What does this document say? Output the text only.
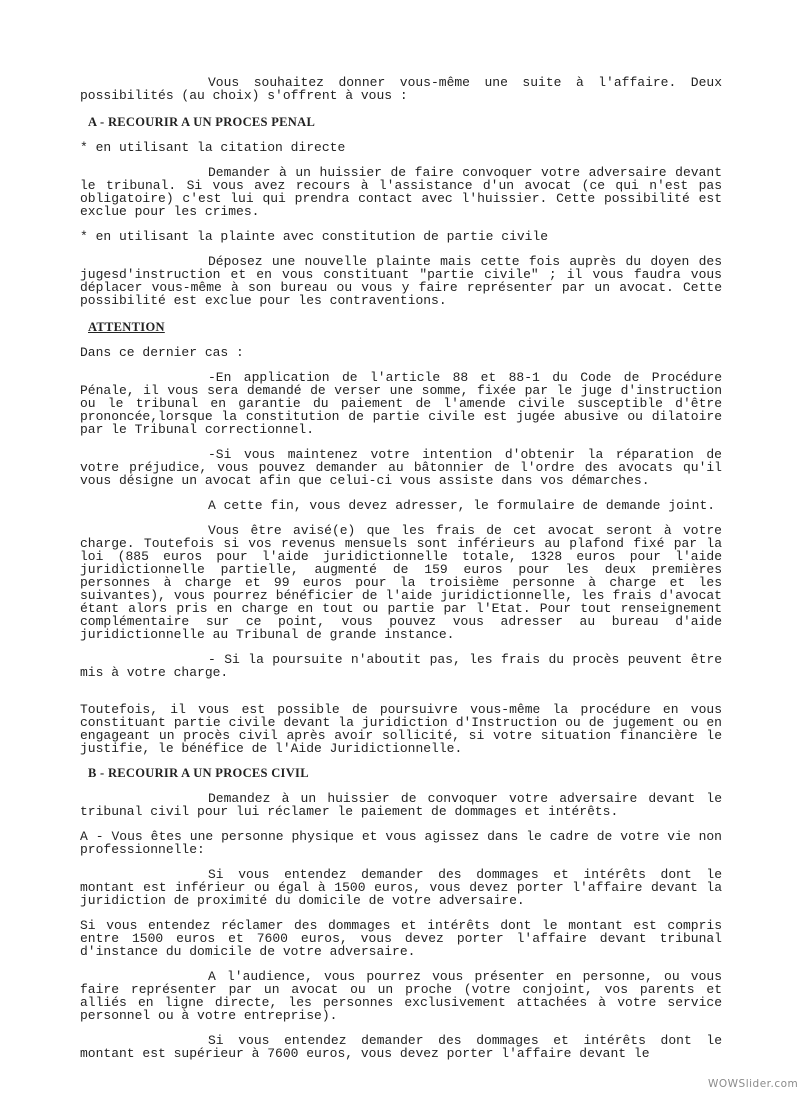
Vous souhaitez donner vous-même une suite à l'affaire. Deux possibilités (au choix) s'offrent à vous :

A - RECOURIR A UN PROCES PENAL

* en utilisant la citation directe

Demander à un huissier de faire convoquer votre adversaire devant le tribunal. Si vous avez recours à l'assistance d'un avocat (ce qui n'est pas obligatoire) c'est lui qui prendra contact avec l'huissier. Cette possibilité est exclue pour les crimes.

* en utilisant la plainte avec constitution de partie civile

Déposez une nouvelle plainte mais cette fois auprès du doyen des jugesd'instruction et en vous constituant "partie civile" ; il vous faudra vous déplacer vous-même à son bureau ou vous y faire représenter par un avocat. Cette possibilité est exclue pour les contraventions.

ATTENTION

Dans ce dernier cas :

-En application de l'article 88 et 88-1 du Code de Procédure Pénale, il vous sera demandé de verser une somme, fixée par le juge d'instruction ou le tribunal en garantie du paiement de l'amende civile susceptible d'être prononcée,lorsque la constitution de partie civile est jugée abusive ou dilatoire par le Tribunal correctionnel.

-Si vous maintenez votre intention d'obtenir la réparation de votre préjudice, vous pouvez demander au bâtonnier de l'ordre des avocats qu'il vous désigne un avocat afin que celui-ci vous assiste dans vos démarches.

A cette fin, vous devez adresser, le formulaire de demande joint.

Vous être avisé(e) que les frais de cet avocat seront à votre charge. Toutefois si vos revenus mensuels sont inférieurs au plafond fixé par la loi (885 euros pour l'aide juridictionnelle totale, 1328 euros pour l'aide juridictionnelle partielle, augmenté de 159 euros pour les deux premières personnes à charge et 99 euros pour la troisième personne à charge et les suivantes), vous pourrez bénéficier de l'aide juridictionnelle, les frais d'avocat étant alors pris en charge en tout ou partie par l'Etat. Pour tout renseignement complémentaire sur ce point, vous pouvez vous adresser au bureau d'aide juridictionnelle au Tribunal de grande instance.

- Si la poursuite n'aboutit pas, les frais du procès peuvent être mis à votre charge.

Toutefois, il vous est possible de poursuivre vous-même la procédure en vous constituant partie civile devant la juridiction d'Instruction ou de jugement ou en engageant un procès civil après avoir sollicité, si votre situation financière le justifie, le bénéfice de l'Aide Juridictionnelle.

B - RECOURIR A UN PROCES CIVIL

Demandez à un huissier de convoquer votre adversaire devant le tribunal civil pour lui réclamer le paiement de dommages et intérêts.

A - Vous êtes une personne physique et vous agissez dans le cadre de votre vie non professionnelle:

Si vous entendez demander des dommages et intérêts dont le montant est inférieur ou égal à 1500 euros, vous devez porter l'affaire devant la juridiction de proximité du domicile de votre adversaire.

Si vous entendez réclamer des dommages et intérêts dont le montant est compris entre 1500 euros et 7600 euros, vous devez porter l'affaire devant tribunal d'instance du domicile de votre adversaire.

A l'audience, vous pourrez vous présenter en personne, ou vous faire représenter par un avocat ou un proche (votre conjoint, vos parents et alliés en ligne directe, les personnes exclusivement attachées à votre service personnel ou à votre entreprise).

Si vous entendez demander des dommages et intérêts dont le montant est supérieur à 7600 euros, vous devez porter l'affaire devant le

WOWSlider.com
